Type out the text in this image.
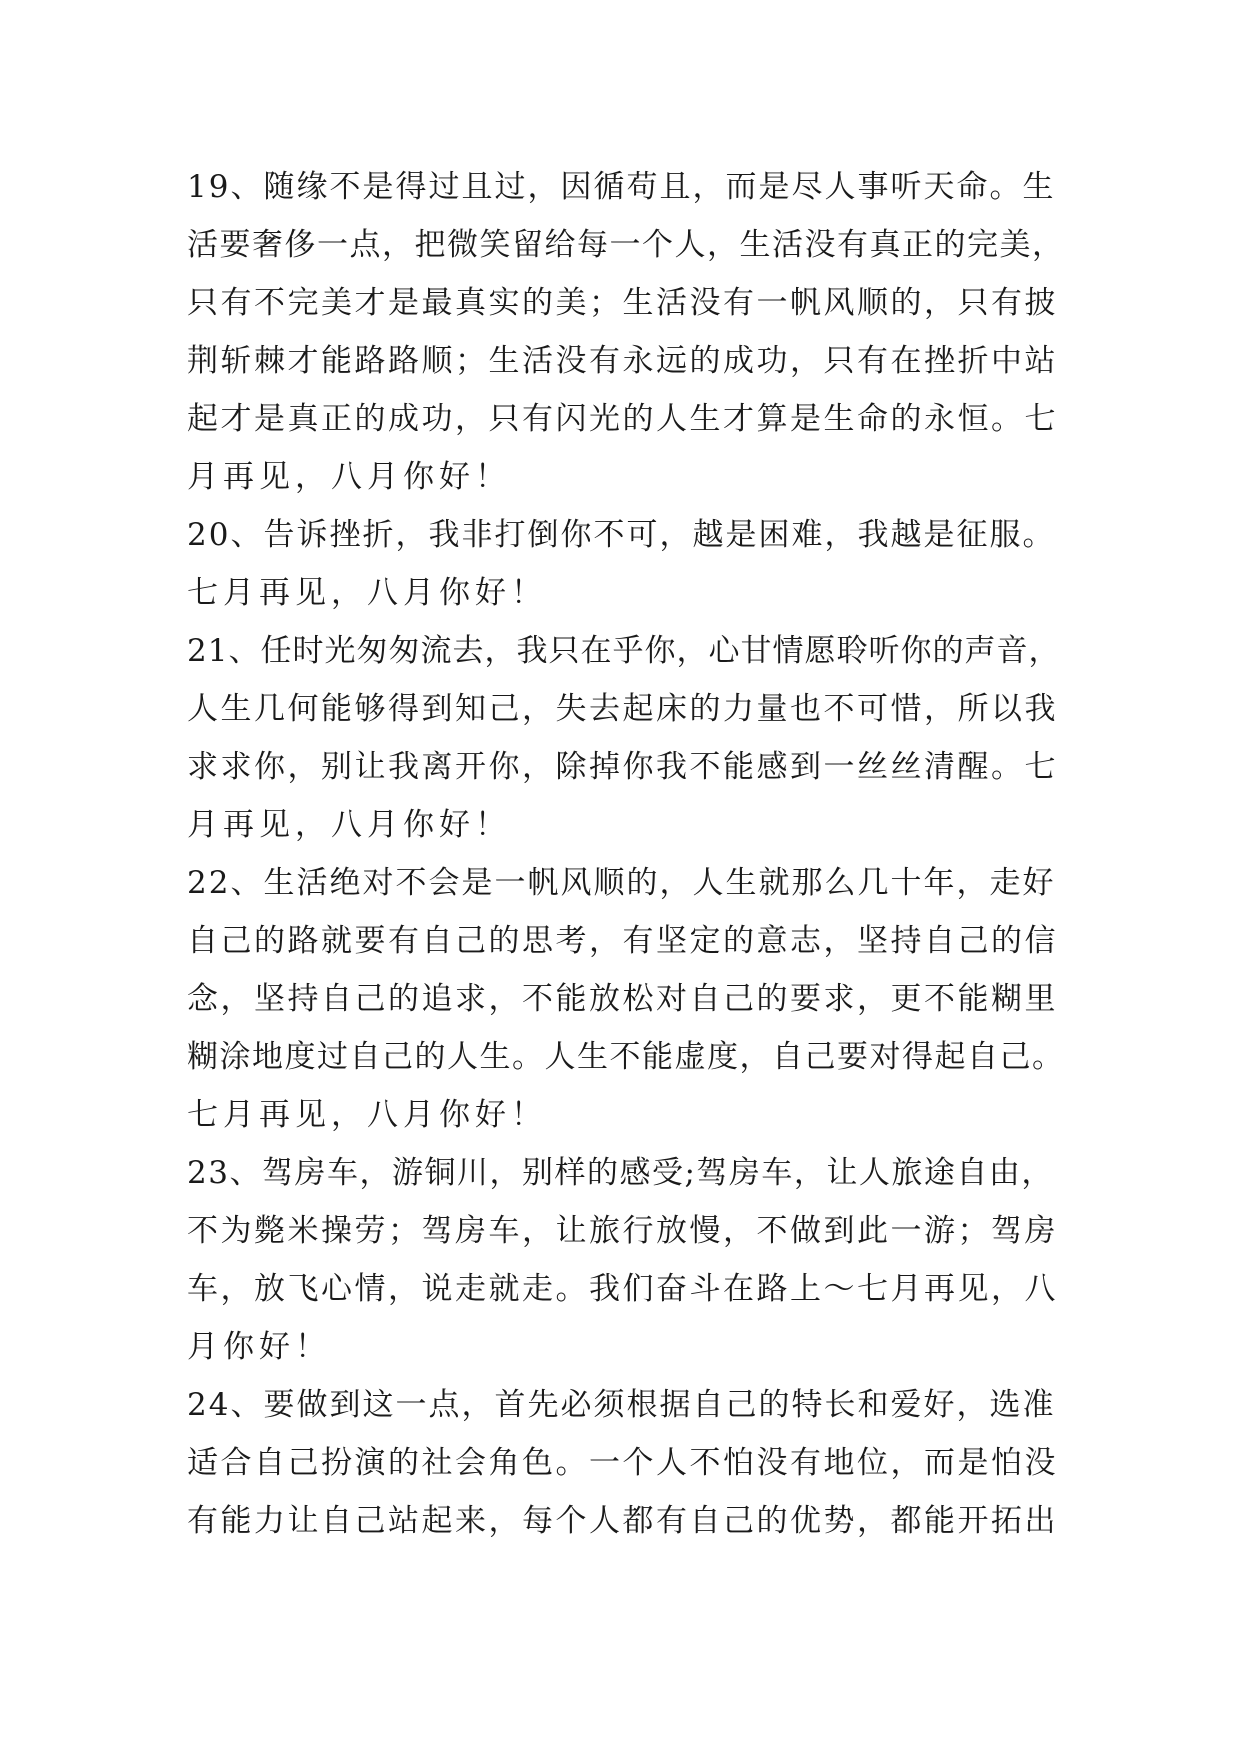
19、随缘不是得过且过，因循苟且，而是尽人事听天命。生
活要奢侈一点，把微笑留给每一个人，生活没有真正的完美，
只有不完美才是最真实的美；生活没有一帆风顺的，只有披
荆斩棘才能路路顺；生活没有永远的成功，只有在挫折中站
起才是真正的成功，只有闪光的人生才算是生命的永恒。七
月再见，八月你好！
20、告诉挫折，我非打倒你不可，越是困难，我越是征服。
七月再见，八月你好！
21、任时光匆匆流去，我只在乎你，心甘情愿聆听你的声音，
人生几何能够得到知己，失去起床的力量也不可惜，所以我
求求你，别让我离开你，除掉你我不能感到一丝丝清醒。七
月再见，八月你好！
22、生活绝对不会是一帆风顺的，人生就那么几十年，走好
自己的路就要有自己的思考，有坚定的意志，坚持自己的信
念，坚持自己的追求，不能放松对自己的要求，更不能糊里
糊涂地度过自己的人生。人生不能虚度，自己要对得起自己。
七月再见，八月你好！
23、驾房车，游铜川，别样的感受;驾房车，让人旅途自由，
不为斃米操劳；驾房车，让旅行放慢，不做到此一游；驾房
车，放飞心情，说走就走。我们奋斗在路上～七月再见，八
月你好！
24、要做到这一点，首先必须根据自己的特长和爱好，选准
适合自己扮演的社会角色。一个人不怕没有地位，而是怕没
有能力让自己站起来，每个人都有自己的优势，都能开拓出
